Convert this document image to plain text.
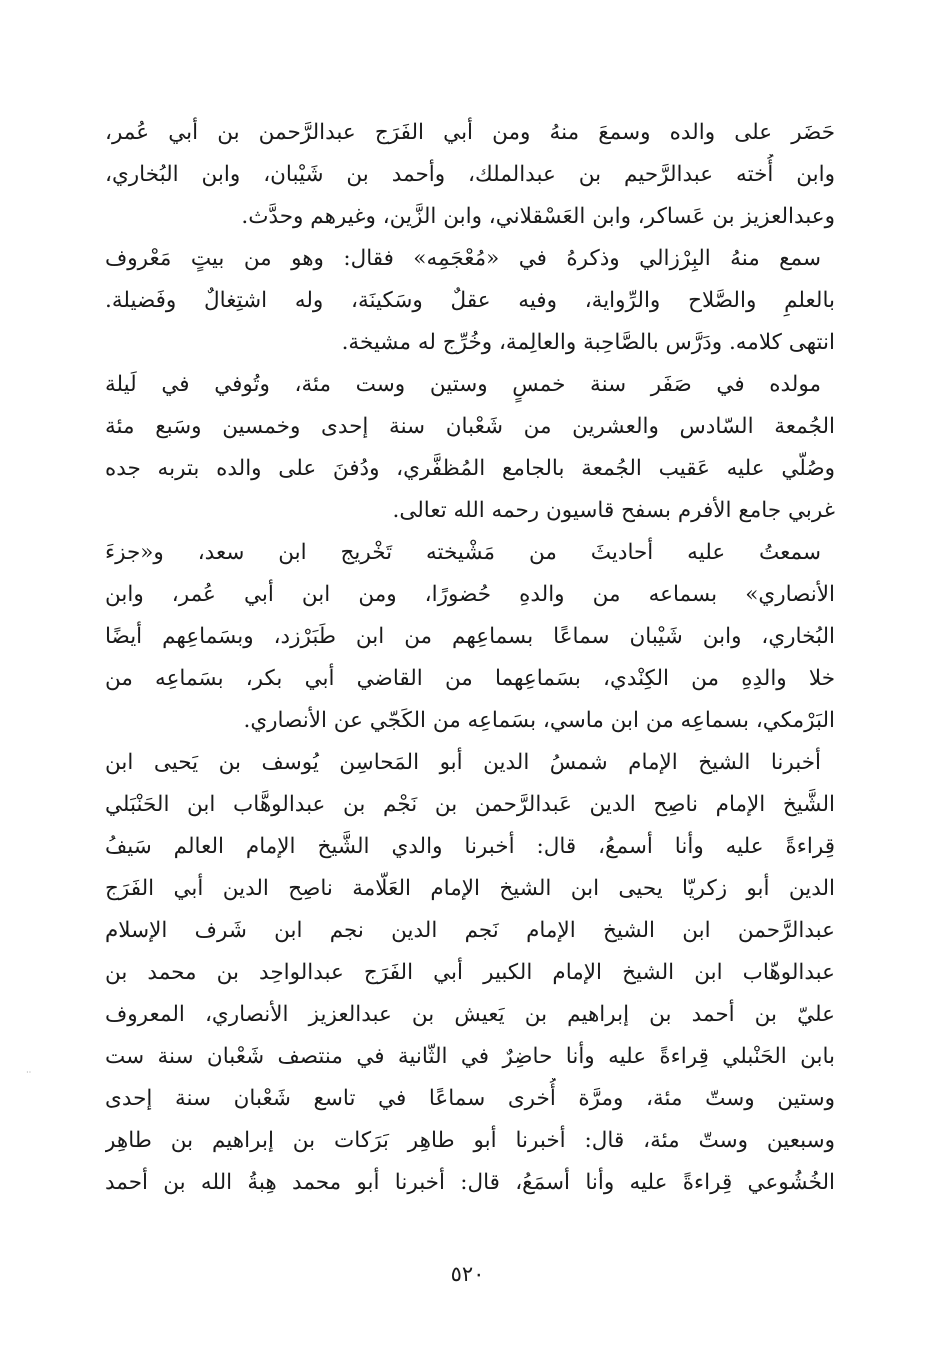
حَضَر على والده وسمعَ منهُ ومن أبي الفَرَج عبدالرَّحمن بن أبي عُمر،
وابن أُخته عبدالرَّحيم بن عبدالملك، وأحمد بن شَيْبان، وابن البُخاري،
وعبدالعزيز بن عَساكر، وابن العَسْقلاني، وابن الزَّين، وغيرهم وحدَّث.
سمع منهُ البِرْزالي وذكرهُ في «مُعْجَمِه» فقال: وهو من بيتٍ مَعْروف
بالعلمِ والصَّلاح والرِّواية، وفيه عقلٌ وسَكينَة، وله اشتِغالٌ وفَضيلة.
انتهى كلامه. ودَرَّس بالصَّاحِبة والعالِمة، وخُرِّج له مشيخة.
مولده في صَفَر سنة خمسٍ وستين وست مئة، وتُوفي في لَيلة
الجُمعة السّادس والعشرين من شَعْبان سنة إحدى وخمسين وسَبع مئة
وصُلّي عليه عَقيب الجُمعة بالجامع المُظفَّري، ودُفنَ على والده بتربه جده
غربي جامع الأفرم بسفح قاسيون رحمه الله تعالى.
سمعتُ عليه أحاديثَ من مَشْيخته تَخْريج ابن سعد، و«جزءَ
الأنصاري» بسماعه من والدهِ حُضورًا، ومن ابن أبي عُمر، وابن
البُخاري، وابن شَيْبان سماعًا بسماعِهم من ابن طَبَرْزد، وبسَماعِهم أيضًا
خلا والدِهِ من الكِنْدي، بسَماعِهما من القاضي أبي بكر، بسَماعِه من
البَرْمكي، بسماعِه من ابن ماسي، بسَماعِه من الكَجّي عن الأنصاري.
أخبرنا الشيخ الإمام شمسُ الدين أبو المَحاسِن يُوسف بن يَحيى ابن
الشَّيخ الإمام ناصِح الدين عَبدالرَّحمن بن نَجْم بن عبدالوهَّاب ابن الحَنْبَلي
قِراءةً عليه وأنا أسمعُ، قال: أخبرنا والدي الشَّيخ الإمام العالم سَيفُ
الدين أبو زكريّا يحيى ابن الشيخ الإمام العَلّامة ناصِح الدين أبي الفَرَج
عبدالرَّحمن ابن الشيخ الإمام نَجم الدين نجم ابن شَرف الإسلام
عبدالوهّاب ابن الشيخ الإمام الكبير أبي الفَرَج عبدالواحِد بن محمد بن
عليّ بن أحمد بن إبراهيم بن يَعيش بن عبدالعزيز الأنصاري، المعروف
بابن الحَنْبلي قِراءةً عليه وأنا حاضِرٌ في الثّانية في منتصف شَعْبان سنة ست
وستين وستّ مئة، ومرَّة أُخرى سماعًا في تاسع شَعْبان سنة إحدى
وسبعين وستّ مئة، قال: أخبرنا أبو طاهِر بَرَكات بن إبراهيم بن طاهِر
الخُشُوعي قِراءةً عليه وأنا أسمَعُ، قال: أخبرنا أبو محمد هِبةُ الله بن أحمد
··
٥٢٠
